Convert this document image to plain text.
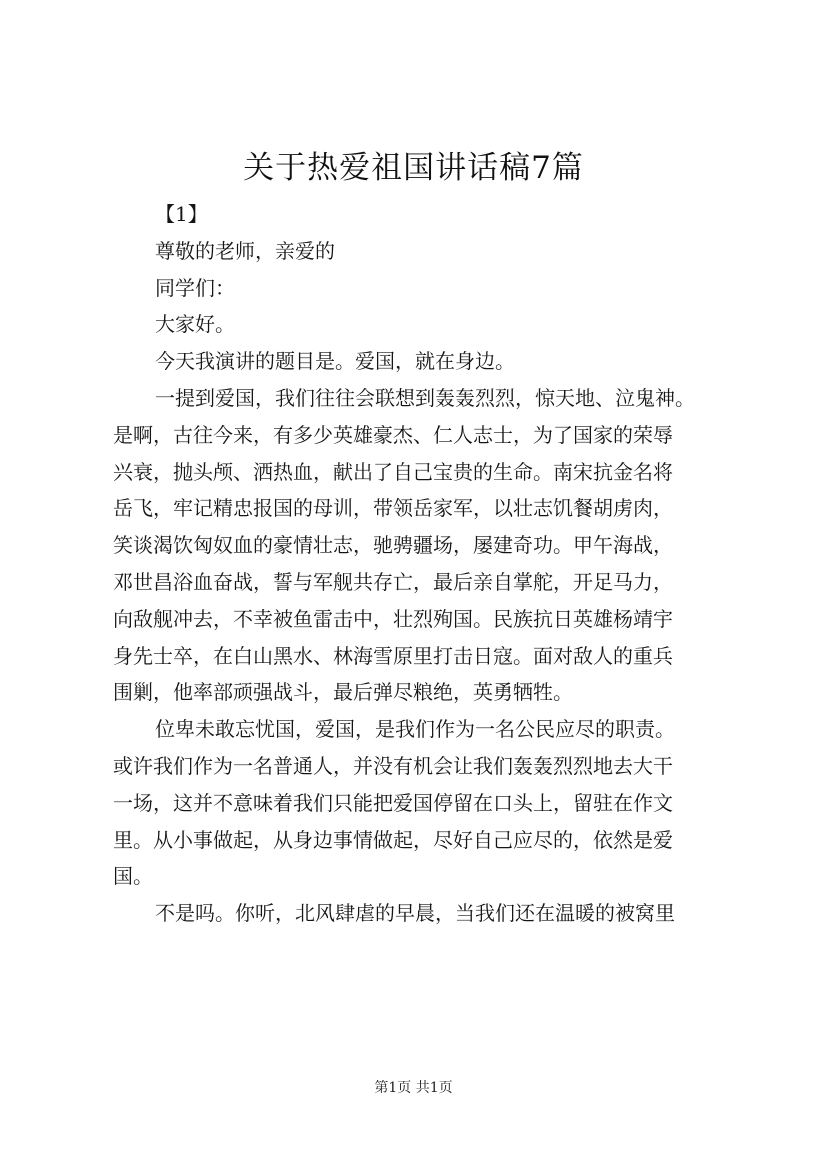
关于热爱祖国讲话稿7篇
【1】
尊敬的老师，亲爱的
同学们：
大家好。
今天我演讲的题目是。爱国，就在身边。
一提到爱国，我们往往会联想到轰轰烈烈，惊天地、泣鬼神。
是啊，古往今来，有多少英雄豪杰、仁人志士，为了国家的荣辱
兴衰，抛头颅、洒热血，献出了自己宝贵的生命。南宋抗金名将
岳飞，牢记精忠报国的母训，带领岳家军，以壮志饥餐胡虏肉，
笑谈渴饮匈奴血的豪情壮志，驰骋疆场，屡建奇功。甲午海战，
邓世昌浴血奋战，誓与军舰共存亡，最后亲自掌舵，开足马力，
向敌舰冲去，不幸被鱼雷击中，壮烈殉国。民族抗日英雄杨靖宇
身先士卒，在白山黑水、林海雪原里打击日寇。面对敌人的重兵
围剿，他率部顽强战斗，最后弹尽粮绝，英勇牺牲。
位卑未敢忘忧国，爱国，是我们作为一名公民应尽的职责。
或许我们作为一名普通人，并没有机会让我们轰轰烈烈地去大干
一场，这并不意味着我们只能把爱国停留在口头上，留驻在作文
里。从小事做起，从身边事情做起，尽好自己应尽的，依然是爱
国。
不是吗。你听，北风肆虐的早晨，当我们还在温暖的被窝里
第1页 共1页
